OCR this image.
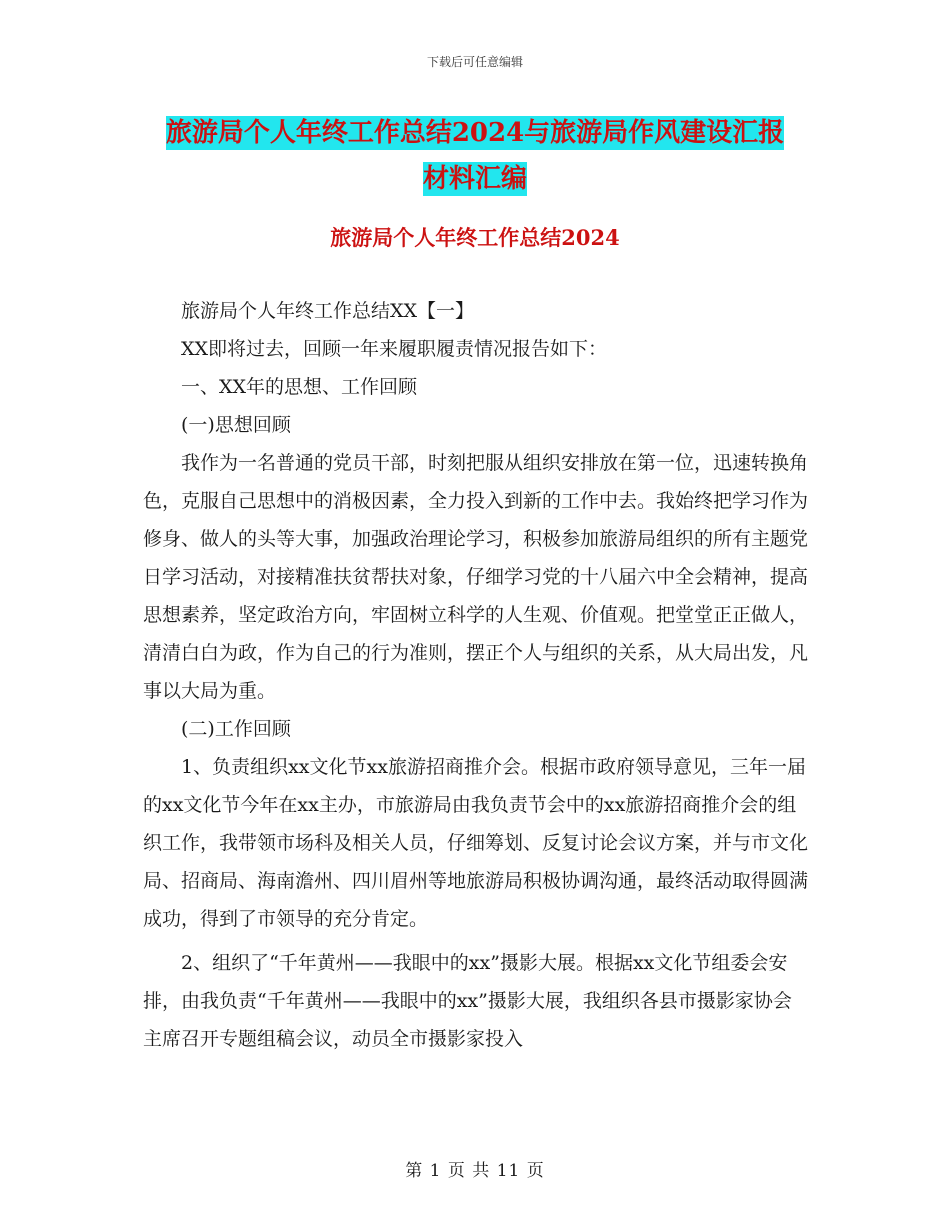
下载后可任意编辑
旅游局个人年终工作总结2024与旅游局作风建设汇报
材料汇编
旅游局个人年终工作总结2024

旅游局个人年终工作总结XX【一】

XX即将过去，回顾一年来履职履责情况报告如下：

一、XX年的思想、工作回顾

(一)思想回顾

我作为一名普通的党员干部，时刻把服从组织安排放在第一位，迅速转换角色，克服自己思想中的消极因素，全力投入到新的工作中去。我始终把学习作为修身、做人的头等大事，加强政治理论学习，积极参加旅游局组织的所有主题党日学习活动，对接精准扶贫帮扶对象，仔细学习党的十八届六中全会精神，提高思想素养，坚定政治方向，牢固树立科学的人生观、价值观。把堂堂正正做人，清清白白为政，作为自己的行为准则，摆正个人与组织的关系，从大局出发，凡事以大局为重。

(二)工作回顾

1、负责组织xx文化节xx旅游招商推介会。根据市政府领导意见，三年一届的xx文化节今年在xx主办，市旅游局由我负责节会中的xx旅游招商推介会的组织工作，我带领市场科及相关人员，仔细筹划、反复讨论会议方案，并与市文化局、招商局、海南澹州、四川眉州等地旅游局积极协调沟通，最终活动取得圆满成功，得到了市领导的充分肯定。

2、组织了“千年黄州——我眼中的xx”摄影大展。根据xx文化节组委会安排，由我负责“千年黄州——我眼中的xx”摄影大展，我组织各县市摄影家协会主席召开专题组稿会议，动员全市摄影家投入

第 1 页 共 11 页
